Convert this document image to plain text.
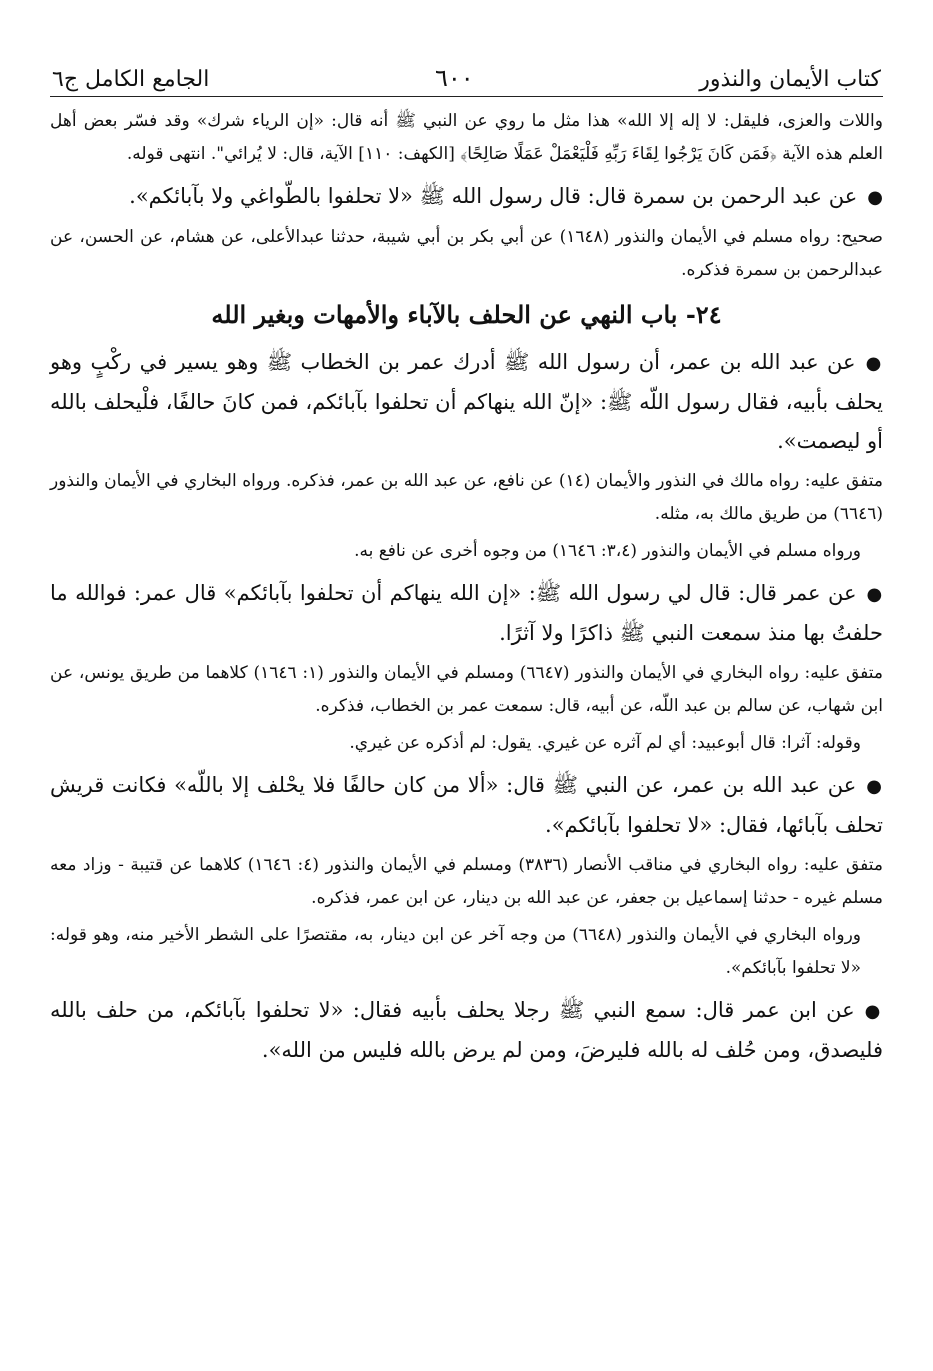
كتاب الأيمان والنذور
٦٠٠
الجامع الكامل ج٦

واللات والعزى، فليقل: لا إله إلا الله» هذا مثل ما روي عن النبي ﷺ أنه قال: «إن الرياء شرك» وقد فسّر بعض أهل العلم هذه الآية ﴿فَمَن كَانَ يَرْجُوا لِقَاءَ رَبِّهِ فَلْيَعْمَلْ عَمَلًا صَالِحًا﴾ [الكهف: ١١٠] الآية، قال: لا يُرائي". انتهى قوله.

●عن عبد الرحمن بن سمرة قال: قال رسول الله ﷺ «لا تحلفوا بالطّواغي ولا بآبائكم».

صحيح: رواه مسلم في الأيمان والنذور (١٦٤٨) عن أبي بكر بن أبي شيبة، حدثنا عبدالأعلى، عن هشام، عن الحسن، عن عبدالرحمن بن سمرة فذكره.

٢٤- باب النهي عن الحلف بالآباء والأمهات وبغير الله

●عن عبد الله بن عمر، أن رسول الله ﷺ أدرك عمر بن الخطاب ﷺ وهو يسير في ركْبٍ وهو يحلف بأبيه، فقال رسول اللّه ﷺ: «إنّ الله ينهاكم أن تحلفوا بآبائكم، فمن كانَ حالفًا، فلْيحلف بالله أو ليصمت».

متفق عليه: رواه مالك في النذور والأيمان (١٤) عن نافع، عن عبد الله بن عمر، فذكره. ورواه البخاري في الأيمان والنذور (٦٦٤٦) من طريق مالك به، مثله.

ورواه مسلم في الأيمان والنذور (٣،٤: ١٦٤٦) من وجوه أخرى عن نافع به.

●عن عمر قال: قال لي رسول الله ﷺ: «إن الله ينهاكم أن تحلفوا بآبائكم» قال عمر: فوالله ما حلفتُ بها منذ سمعت النبي ﷺ ذاكرًا ولا آثرًا.

متفق عليه: رواه البخاري في الأيمان والنذور (٦٦٤٧) ومسلم في الأيمان والنذور (١: ١٦٤٦) كلاهما من طريق يونس، عن ابن شهاب، عن سالم بن عبد اللّه، عن أبيه، قال: سمعت عمر بن الخطاب، فذكره.

وقوله: آثرا: قال أبوعبيد: أي لم آثره عن غيري. يقول: لم أذكره عن غيري.

●عن عبد الله بن عمر، عن النبي ﷺ قال: «ألا من كان حالفًا فلا يحْلف إلا باللّه» فكانت قريش تحلف بآبائها، فقال: «لا تحلفوا بآبائكم».

متفق عليه: رواه البخاري في مناقب الأنصار (٣٨٣٦) ومسلم في الأيمان والنذور (٤: ١٦٤٦) كلاهما عن قتيبة - وزاد معه مسلم غيره - حدثنا إسماعيل بن جعفر، عن عبد الله بن دينار، عن ابن عمر، فذكره.

ورواه البخاري في الأيمان والنذور (٦٦٤٨) من وجه آخر عن ابن دينار، به، مقتصرًا على الشطر الأخير منه، وهو قوله: «لا تحلفوا بآبائكم».

●عن ابن عمر قال: سمع النبي ﷺ رجلا يحلف بأبيه فقال: «لا تحلفوا بآبائكم، من حلف بالله فليصدق، ومن حُلف له بالله فليرضَ، ومن لم يرض بالله فليس من الله».
